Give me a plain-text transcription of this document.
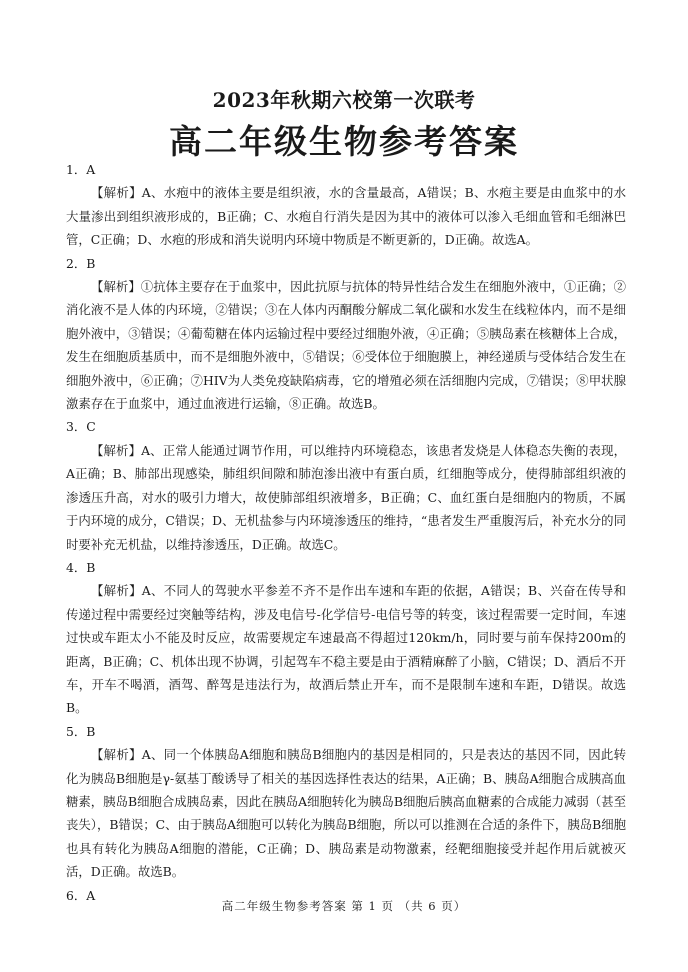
2023年秋期六校第一次联考
高二年级生物参考答案

1．A

【解析】A、水疱中的液体主要是组织液，水的含量最高，A错误；B、水疱主要是由血浆中的水大量渗出到组织液形成的，B正确；C、水疱自行消失是因为其中的液体可以渗入毛细血管和毛细淋巴管，C正确；D、水疱的形成和消失说明内环境中物质是不断更新的，D正确。故选A。

2．B

【解析】①抗体主要存在于血浆中，因此抗原与抗体的特异性结合发生在细胞外液中，①正确；②消化液不是人体的内环境，②错误；③在人体内丙酮酸分解成二氧化碳和水发生在线粒体内，而不是细胞外液中，③错误；④葡萄糖在体内运输过程中要经过细胞外液，④正确；⑤胰岛素在核糖体上合成，发生在细胞质基质中，而不是细胞外液中，⑤错误；⑥受体位于细胞膜上，神经递质与受体结合发生在细胞外液中，⑥正确；⑦HIV为人类免疫缺陷病毒，它的增殖必须在活细胞内完成，⑦错误；⑧甲状腺激素存在于血浆中，通过血液进行运输，⑧正确。故选B。

3．C

【解析】A、正常人能通过调节作用，可以维持内环境稳态，该患者发烧是人体稳态失衡的表现，A正确；B、肺部出现感染，肺组织间隙和肺泡渗出液中有蛋白质，红细胞等成分，使得肺部组织液的渗透压升高，对水的吸引力增大，故使肺部组织液增多，B正确；C、血红蛋白是细胞内的物质，不属于内环境的成分，C错误；D、无机盐参与内环境渗透压的维持，“患者发生严重腹泻后，补充水分的同时要补充无机盐，以维持渗透压，D正确。故选C。

4．B

【解析】A、不同人的驾驶水平参差不齐不是作出车速和车距的依据，A错误；B、兴奋在传导和传递过程中需要经过突触等结构，涉及电信号-化学信号-电信号等的转变，该过程需要一定时间，车速过快或车距太小不能及时反应，故需要规定车速最高不得超过120km/h，同时要与前车保持200m的距离，B正确；C、机体出现不协调，引起驾车不稳主要是由于酒精麻醉了小脑，C错误；D、酒后不开车，开车不喝酒，酒驾、醉驾是违法行为，故酒后禁止开车，而不是限制车速和车距，D错误。故选B。

5．B

【解析】A、同一个体胰岛A细胞和胰岛B细胞内的基因是相同的，只是表达的基因不同，因此转化为胰岛B细胞是γ-氨基丁酸诱导了相关的基因选择性表达的结果，A正确；B、胰岛A细胞合成胰高血糖素，胰岛B细胞合成胰岛素，因此在胰岛A细胞转化为胰岛B细胞后胰高血糖素的合成能力减弱（甚至丧失），B错误；C、由于胰岛A细胞可以转化为胰岛B细胞，所以可以推测在合适的条件下，胰岛B细胞也具有转化为胰岛A细胞的潜能，C正确；D、胰岛素是动物激素，经靶细胞接受并起作用后就被灭活，D正确。故选B。

6．A

高二年级生物参考答案 第 1 页 （共 6 页）
